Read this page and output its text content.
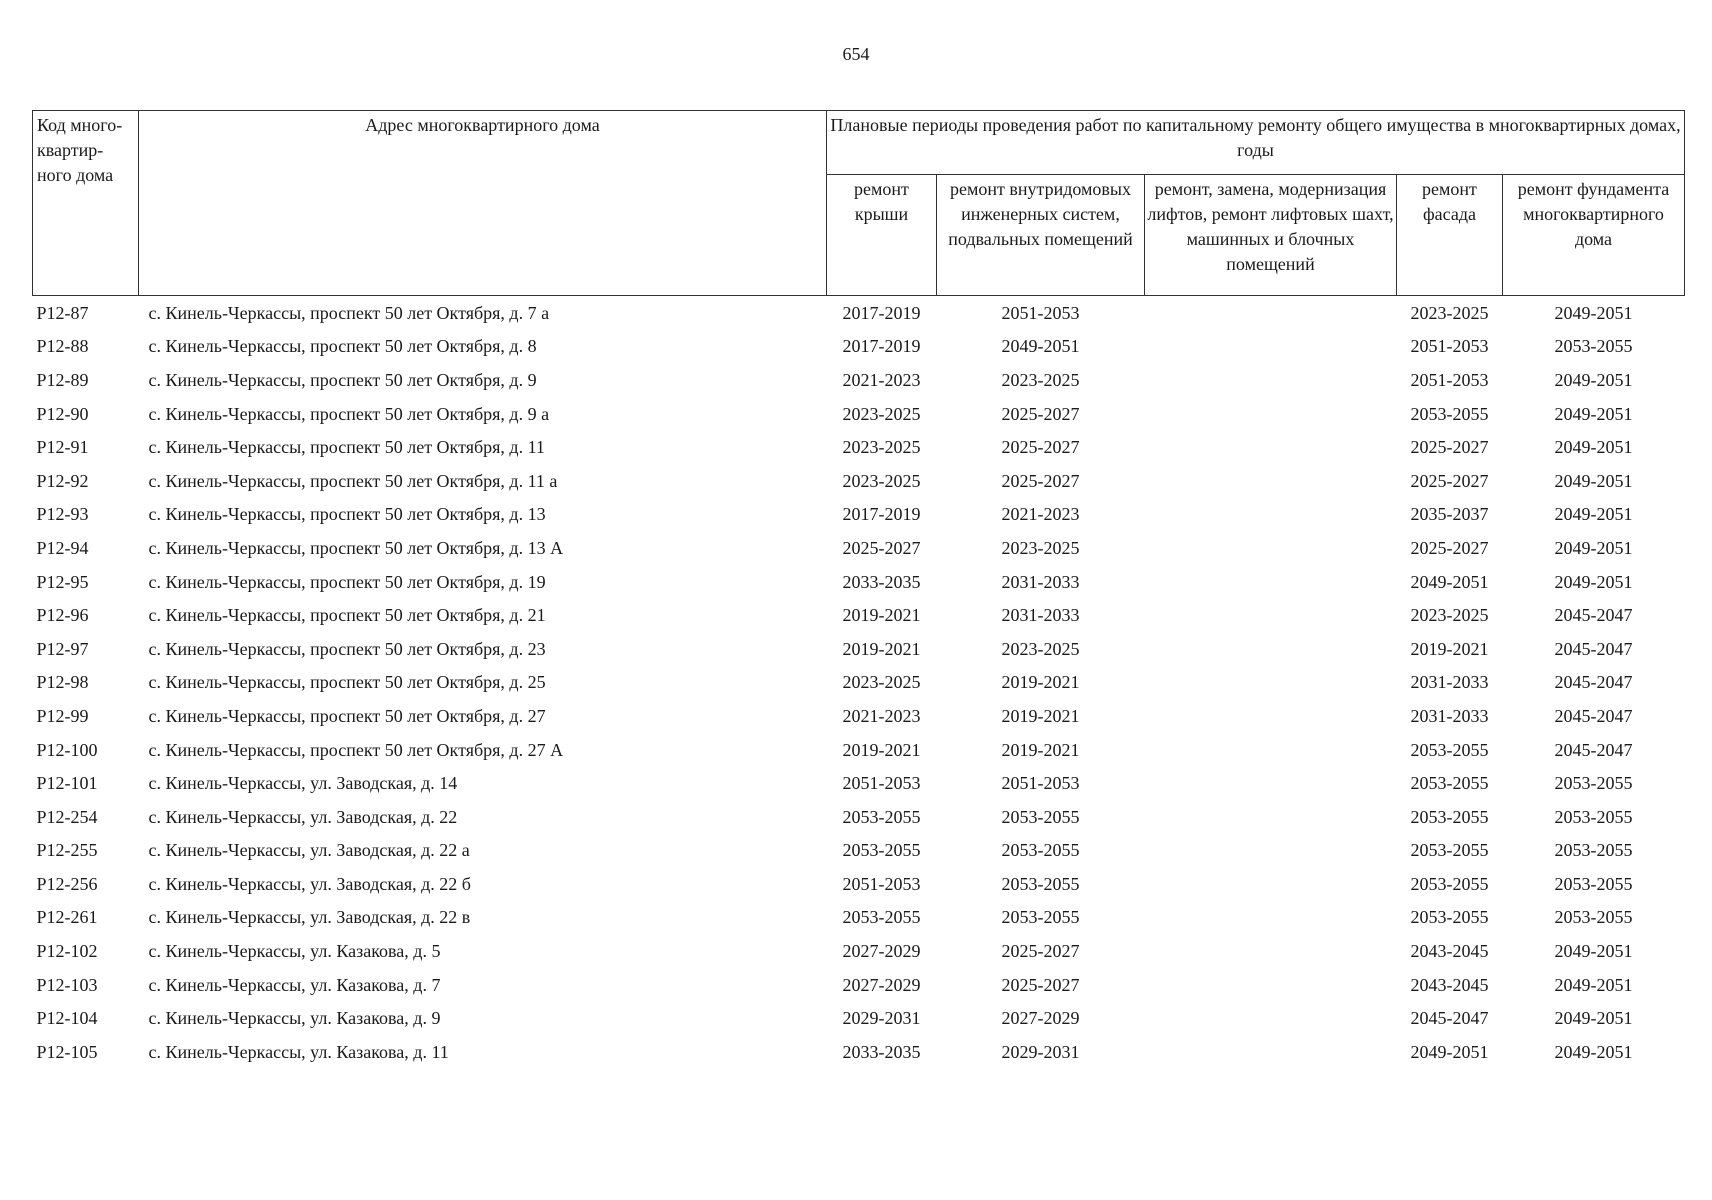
654
Код много-квартир-ного дома	Адрес многоквартирного дома	Плановые периоды проведения работ по капитальному ремонту общего имущества в многоквартирных домах, годы				
		ремонт крыши	ремонт внутридомовых инженерных систем, подвальных помещений	ремонт, замена, модернизация лифтов, ремонт лифтовых шахт, машинных и блочных помещений	ремонт фасада	ремонт фундамента многоквартирного дома
Р12-87	с. Кинель-Черкассы, проспект 50 лет Октября, д. 7 а	2017-2019	2051-2053		2023-2025	2049-2051
Р12-88	с. Кинель-Черкассы, проспект 50 лет Октября, д. 8	2017-2019	2049-2051		2051-2053	2053-2055
Р12-89	с. Кинель-Черкассы, проспект 50 лет Октября, д. 9	2021-2023	2023-2025		2051-2053	2049-2051
Р12-90	с. Кинель-Черкассы, проспект 50 лет Октября, д. 9 а	2023-2025	2025-2027		2053-2055	2049-2051
Р12-91	с. Кинель-Черкассы, проспект 50 лет Октября, д. 11	2023-2025	2025-2027		2025-2027	2049-2051
Р12-92	с. Кинель-Черкассы, проспект 50 лет Октября, д. 11 а	2023-2025	2025-2027		2025-2027	2049-2051
Р12-93	с. Кинель-Черкассы, проспект 50 лет Октября, д. 13	2017-2019	2021-2023		2035-2037	2049-2051
Р12-94	с. Кинель-Черкассы, проспект 50 лет Октября, д. 13 А	2025-2027	2023-2025		2025-2027	2049-2051
Р12-95	с. Кинель-Черкассы, проспект 50 лет Октября, д. 19	2033-2035	2031-2033		2049-2051	2049-2051
Р12-96	с. Кинель-Черкассы, проспект 50 лет Октября, д. 21	2019-2021	2031-2033		2023-2025	2045-2047
Р12-97	с. Кинель-Черкассы, проспект 50 лет Октября, д. 23	2019-2021	2023-2025		2019-2021	2045-2047
Р12-98	с. Кинель-Черкассы, проспект 50 лет Октября, д. 25	2023-2025	2019-2021		2031-2033	2045-2047
Р12-99	с. Кинель-Черкассы, проспект 50 лет Октября, д. 27	2021-2023	2019-2021		2031-2033	2045-2047
Р12-100	с. Кинель-Черкассы, проспект 50 лет Октября, д. 27 А	2019-2021	2019-2021		2053-2055	2045-2047
Р12-101	с. Кинель-Черкассы, ул. Заводская, д. 14	2051-2053	2051-2053		2053-2055	2053-2055
Р12-254	с. Кинель-Черкассы, ул. Заводская, д. 22	2053-2055	2053-2055		2053-2055	2053-2055
Р12-255	с. Кинель-Черкассы, ул. Заводская, д. 22 а	2053-2055	2053-2055		2053-2055	2053-2055
Р12-256	с. Кинель-Черкассы, ул. Заводская, д. 22 б	2051-2053	2053-2055		2053-2055	2053-2055
Р12-261	с. Кинель-Черкассы, ул. Заводская, д. 22 в	2053-2055	2053-2055		2053-2055	2053-2055
Р12-102	с. Кинель-Черкассы, ул. Казакова, д. 5	2027-2029	2025-2027		2043-2045	2049-2051
Р12-103	с. Кинель-Черкассы, ул. Казакова, д. 7	2027-2029	2025-2027		2043-2045	2049-2051
Р12-104	с. Кинель-Черкассы, ул. Казакова, д. 9	2029-2031	2027-2029		2045-2047	2049-2051
Р12-105	с. Кинель-Черкассы, ул. Казакова, д. 11	2033-2035	2029-2031		2049-2051	2049-2051
